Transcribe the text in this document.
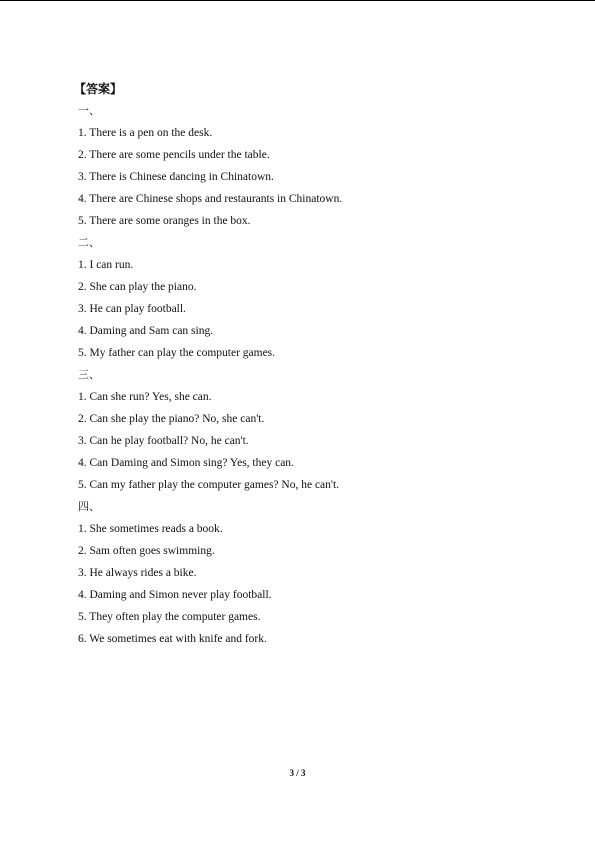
【答案】
一、
1. There is a pen on the desk.
2. There are some pencils under the table.
3. There is Chinese dancing in Chinatown.
4. There are Chinese shops and restaurants in Chinatown.
5. There are some oranges in the box.
二、
1. I can run.
2. She can play the piano.
3. He can play football.
4. Daming and Sam can sing.
5. My father can play the computer games.
三、
1. Can she run? Yes, she can.
2. Can she play the piano? No, she can't.
3. Can he play football? No, he can't.
4. Can Daming and Simon sing? Yes, they can.
5. Can my father play the computer games? No, he can't.
四、
1. She sometimes reads a book.
2. Sam often goes swimming.
3. He always rides a bike.
4. Daming and Simon never play football.
5. They often play the computer games.
6. We sometimes eat with knife and fork.
3 / 3
